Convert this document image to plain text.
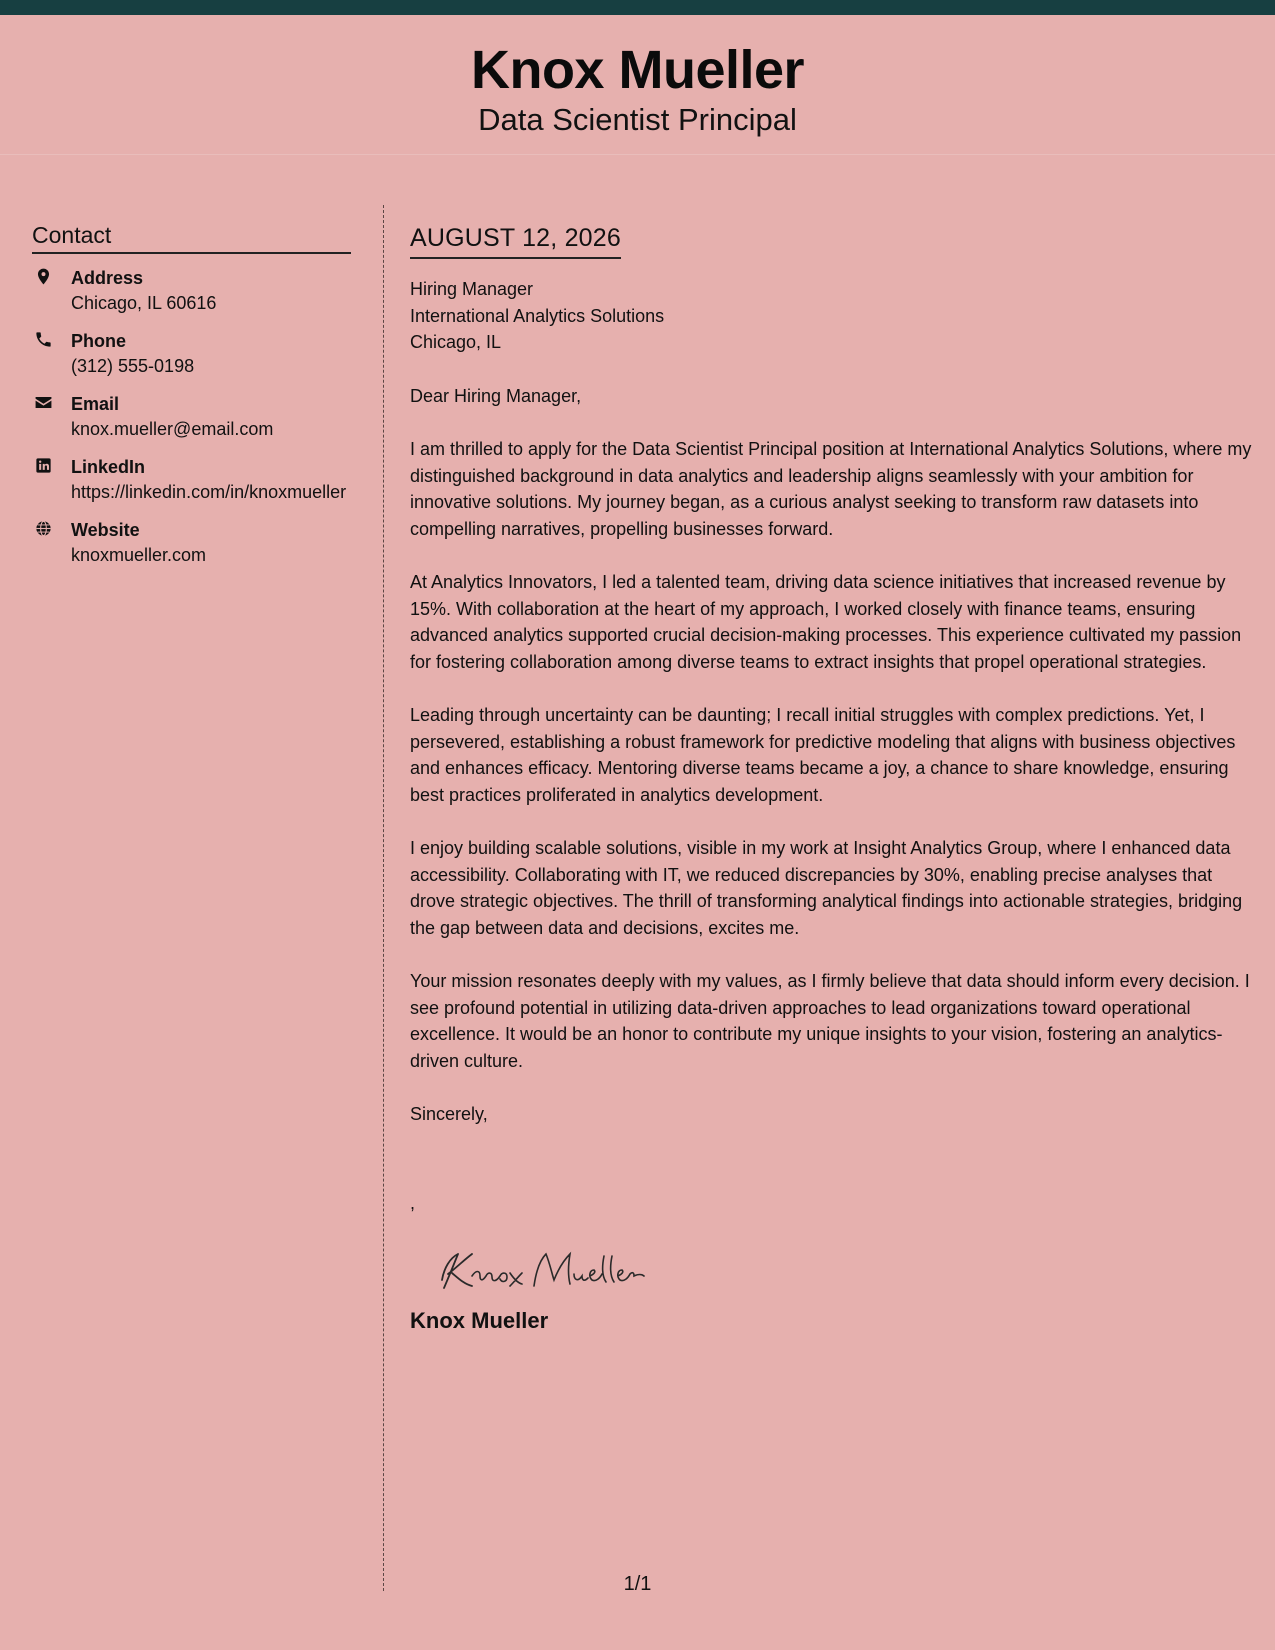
Knox Mueller
Data Scientist Principal
Contact
Address
Chicago, IL 60616
Phone
(312) 555-0198
Email
knox.mueller@email.com
LinkedIn
https://linkedin.com/in/knoxmueller
Website
knoxmueller.com
AUGUST 12, 2026
Hiring Manager
International Analytics Solutions
Chicago, IL
Dear Hiring Manager,
I am thrilled to apply for the Data Scientist Principal position at International Analytics Solutions, where my distinguished background in data analytics and leadership aligns seamlessly with your ambition for innovative solutions. My journey began, as a curious analyst seeking to transform raw datasets into compelling narratives, propelling businesses forward.
At Analytics Innovators, I led a talented team, driving data science initiatives that increased revenue by 15%. With collaboration at the heart of my approach, I worked closely with finance teams, ensuring advanced analytics supported crucial decision-making processes. This experience cultivated my passion for fostering collaboration among diverse teams to extract insights that propel operational strategies.
Leading through uncertainty can be daunting; I recall initial struggles with complex predictions. Yet, I persevered, establishing a robust framework for predictive modeling that aligns with business objectives and enhances efficacy. Mentoring diverse teams became a joy, a chance to share knowledge, ensuring best practices proliferated in analytics development.
I enjoy building scalable solutions, visible in my work at Insight Analytics Group, where I enhanced data accessibility. Collaborating with IT, we reduced discrepancies by 30%, enabling precise analyses that drove strategic objectives. The thrill of transforming analytical findings into actionable strategies, bridging the gap between data and decisions, excites me.
Your mission resonates deeply with my values, as I firmly believe that data should inform every decision. I see profound potential in utilizing data-driven approaches to lead organizations toward operational excellence. It would be an honor to contribute my unique insights to your vision, fostering an analytics-driven culture.
Sincerely,
,
Knox Mueller
1/1
